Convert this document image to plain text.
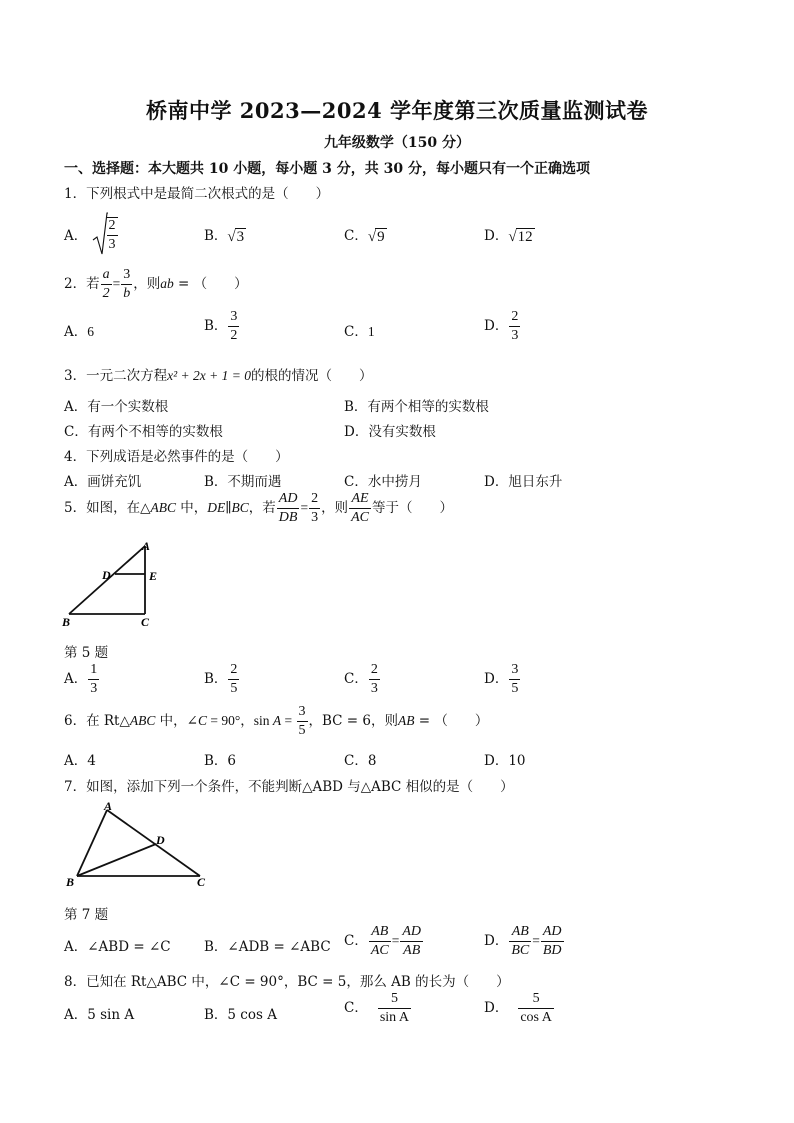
桥南中学 2023—2024 学年度第三次质量监测试卷
九年级数学（150 分）
一、选择题：本大题共 10 小题，每小题 3 分，共 30 分，每小题只有一个正确选项
1．下列根式中是最简二次根式的是（　　）
A． $\frac{2}{3}$	B．√3	C．√9	D．√12
2．若 $\frac{a}{2} = \frac{3}{b}$ ，则ab = （　　）
A．6	B． $\frac{3}{2}$	C．1	D． $\frac{2}{3}$
3．一元二次方程x² + 2x + 1 = 0的根的情况（　　）
A．有一个实数根	B．有两个相等的实数根
C．有两个不相等的实数根	D．没有实数根
4．下列成语是必然事件的是（　　）
A．画饼充饥	B．不期而遇	C．水中捞月	D．旭日东升
5．如图，在△ABC 中，DE∥BC，若 $\frac{AD}{DB} = \frac{2}{3}$ ，则 $\frac{AE}{AC}$ 等于（　　）
A
D	E
B	C
第 5 题
A． $\frac{1}{3}$	B． $\frac{2}{5}$	C． $\frac{2}{3}$	D． $\frac{3}{5}$
6．在 Rt△ABC 中，∠C = 90°，$\sin A = \frac{3}{5}$ ，BC = 6，则AB = （　　）
A．4	B．6	C．8	D．10
7．如图，添加下列一个条件，不能判断△ABD 与△ABC 相似的是（　　）
A
D
B	C
第 7 题
A．∠ABD = ∠C B．∠ADB = ∠ABC C． $\frac{AB}{AC} = \frac{AD}{AB}$	D． $\frac{AB}{BC} = \frac{AD}{BD}$
8．已知在 Rt△ABC 中，∠C = 90°，BC = 5，那么 AB 的长为（　　）
A．5 sin A	B．5 cos A	C． $\frac{5}{\text{sin A}}$	D． $\frac{5}{\text{cos A}}$
